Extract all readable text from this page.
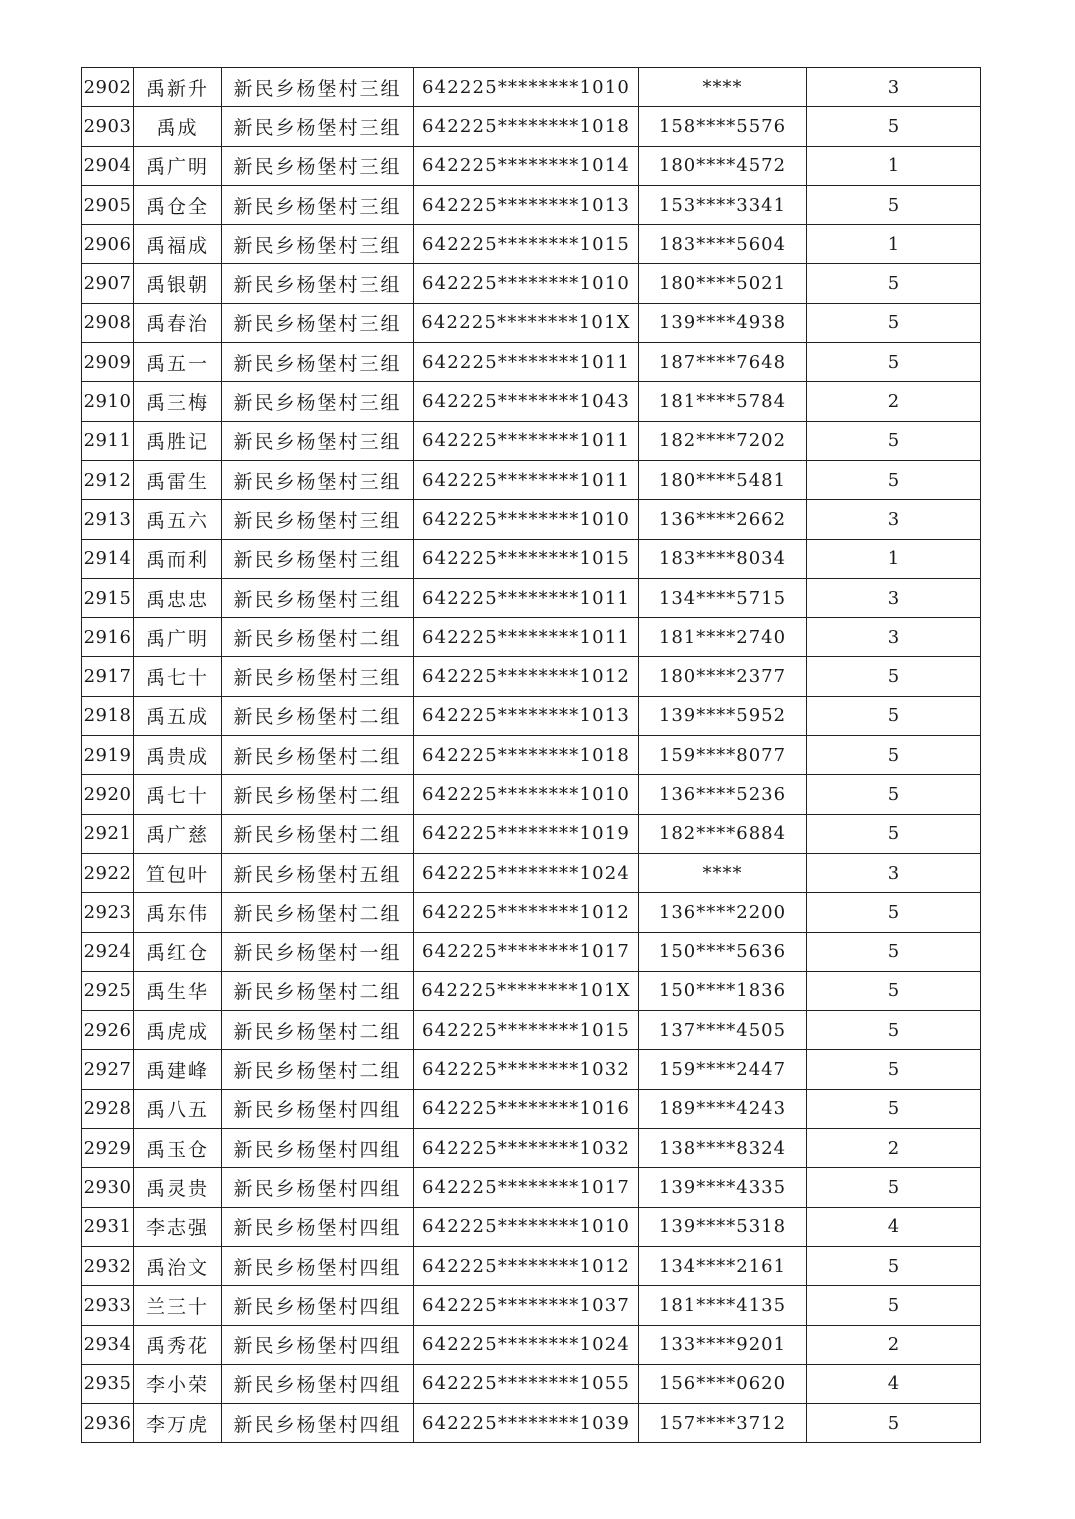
2902	禹新升	新民乡杨堡村三组	642225********1010	****	3
2903	禹成	新民乡杨堡村三组	642225********1018	158****5576	5
2904	禹广明	新民乡杨堡村三组	642225********1014	180****4572	1
2905	禹仓全	新民乡杨堡村三组	642225********1013	153****3341	5
2906	禹福成	新民乡杨堡村三组	642225********1015	183****5604	1
2907	禹银朝	新民乡杨堡村三组	642225********1010	180****5021	5
2908	禹春治	新民乡杨堡村三组	642225********101X	139****4938	5
2909	禹五一	新民乡杨堡村三组	642225********1011	187****7648	5
2910	禹三梅	新民乡杨堡村三组	642225********1043	181****5784	2
2911	禹胜记	新民乡杨堡村三组	642225********1011	182****7202	5
2912	禹雷生	新民乡杨堡村三组	642225********1011	180****5481	5
2913	禹五六	新民乡杨堡村三组	642225********1010	136****2662	3
2914	禹而利	新民乡杨堡村三组	642225********1015	183****8034	1
2915	禹忠忠	新民乡杨堡村三组	642225********1011	134****5715	3
2916	禹广明	新民乡杨堡村二组	642225********1011	181****2740	3
2917	禹七十	新民乡杨堡村三组	642225********1012	180****2377	5
2918	禹五成	新民乡杨堡村二组	642225********1013	139****5952	5
2919	禹贵成	新民乡杨堡村二组	642225********1018	159****8077	5
2920	禹七十	新民乡杨堡村二组	642225********1010	136****5236	5
2921	禹广慈	新民乡杨堡村二组	642225********1019	182****6884	5
2922	笪包叶	新民乡杨堡村五组	642225********1024	****	3
2923	禹东伟	新民乡杨堡村二组	642225********1012	136****2200	5
2924	禹红仓	新民乡杨堡村一组	642225********1017	150****5636	5
2925	禹生华	新民乡杨堡村二组	642225********101X	150****1836	5
2926	禹虎成	新民乡杨堡村二组	642225********1015	137****4505	5
2927	禹建峰	新民乡杨堡村二组	642225********1032	159****2447	5
2928	禹八五	新民乡杨堡村四组	642225********1016	189****4243	5
2929	禹玉仓	新民乡杨堡村四组	642225********1032	138****8324	2
2930	禹灵贵	新民乡杨堡村四组	642225********1017	139****4335	5
2931	李志强	新民乡杨堡村四组	642225********1010	139****5318	4
2932	禹治文	新民乡杨堡村四组	642225********1012	134****2161	5
2933	兰三十	新民乡杨堡村四组	642225********1037	181****4135	5
2934	禹秀花	新民乡杨堡村四组	642225********1024	133****9201	2
2935	李小荣	新民乡杨堡村四组	642225********1055	156****0620	4
2936	李万虎	新民乡杨堡村四组	642225********1039	157****3712	5
